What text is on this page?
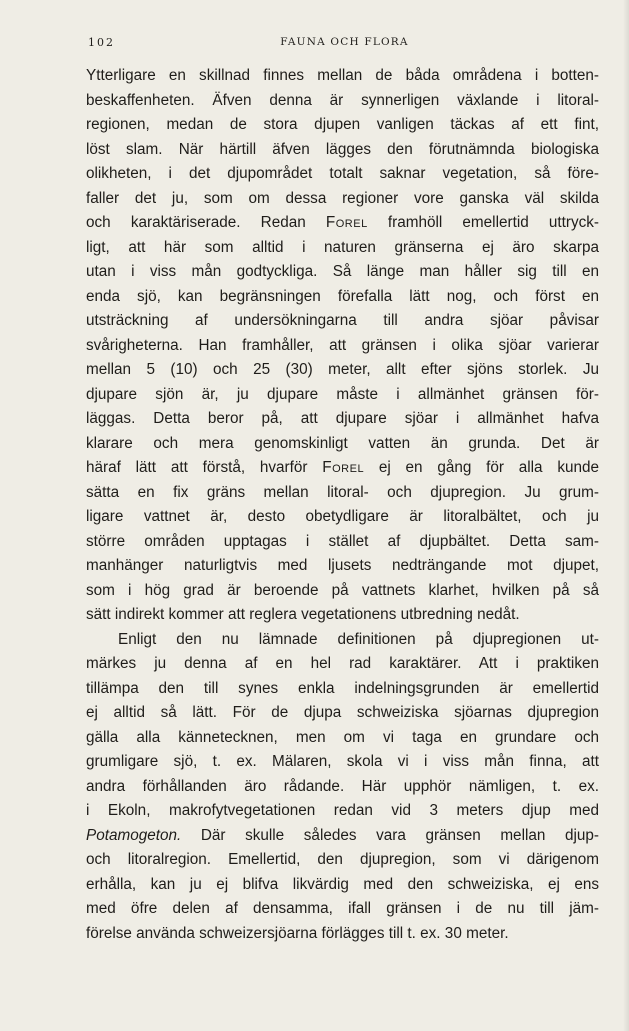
102	FAUNA OCH FLORA
Ytterligare en skillnad finnes mellan de båda områdena i botten-
beskaffenheten. Äfven denna är synnerligen växlande i litoral-
regionen, medan de stora djupen vanligen täckas af ett fint,
löst slam. När härtill äfven lägges den förutnämnda biologiska
olikheten, i det djupområdet totalt saknar vegetation, så före-
faller det ju, som om dessa regioner vore ganska väl skilda
och karaktäriserade. Redan Forel framhöll emellertid uttryck-
ligt, att här som alltid i naturen gränserna ej äro skarpa
utan i viss mån godtyckliga. Så länge man håller sig till en
enda sjö, kan begränsningen förefalla lätt nog, och först en
utsträckning af undersökningarna till andra sjöar påvisar
svårigheterna. Han framhåller, att gränsen i olika sjöar varierar
mellan 5 (10) och 25 (30) meter, allt efter sjöns storlek. Ju
djupare sjön är, ju djupare måste i allmänhet gränsen för-
läggas. Detta beror på, att djupare sjöar i allmänhet hafva
klarare och mera genomskinligt vatten än grunda. Det är
häraf lätt att förstå, hvarför Forel ej en gång för alla kunde
sätta en fix gräns mellan litoral- och djupregion. Ju grum-
ligare vattnet är, desto obetydligare är litoralbältet, och ju
större områden upptagas i stället af djupbältet. Detta sam-
manhänger naturligtvis med ljusets nedträngande mot djupet,
som i hög grad är beroende på vattnets klarhet, hvilken på så
sätt indirekt kommer att reglera vegetationens utbredning nedåt.
Enligt den nu lämnade definitionen på djupregionen ut-
märkes ju denna af en hel rad karaktärer. Att i praktiken
tillämpa den till synes enkla indelningsgrunden är emellertid
ej alltid så lätt. För de djupa schweiziska sjöarnas djupregion
gälla alla kännetecknen, men om vi taga en grundare och
grumligare sjö, t. ex. Mälaren, skola vi i viss mån finna, att
andra förhållanden äro rådande. Här upphör nämligen, t. ex.
i Ekoln, makrofytvegetationen redan vid 3 meters djup med
Potamogeton. Där skulle således vara gränsen mellan djup-
och litoralregion. Emellertid, den djupregion, som vi därigenom
erhålla, kan ju ej blifva likvärdig med den schweiziska, ej ens
med öfre delen af densamma, ifall gränsen i de nu till jäm-
förelse använda schweizersjöarna förlägges till t. ex. 30 meter.
